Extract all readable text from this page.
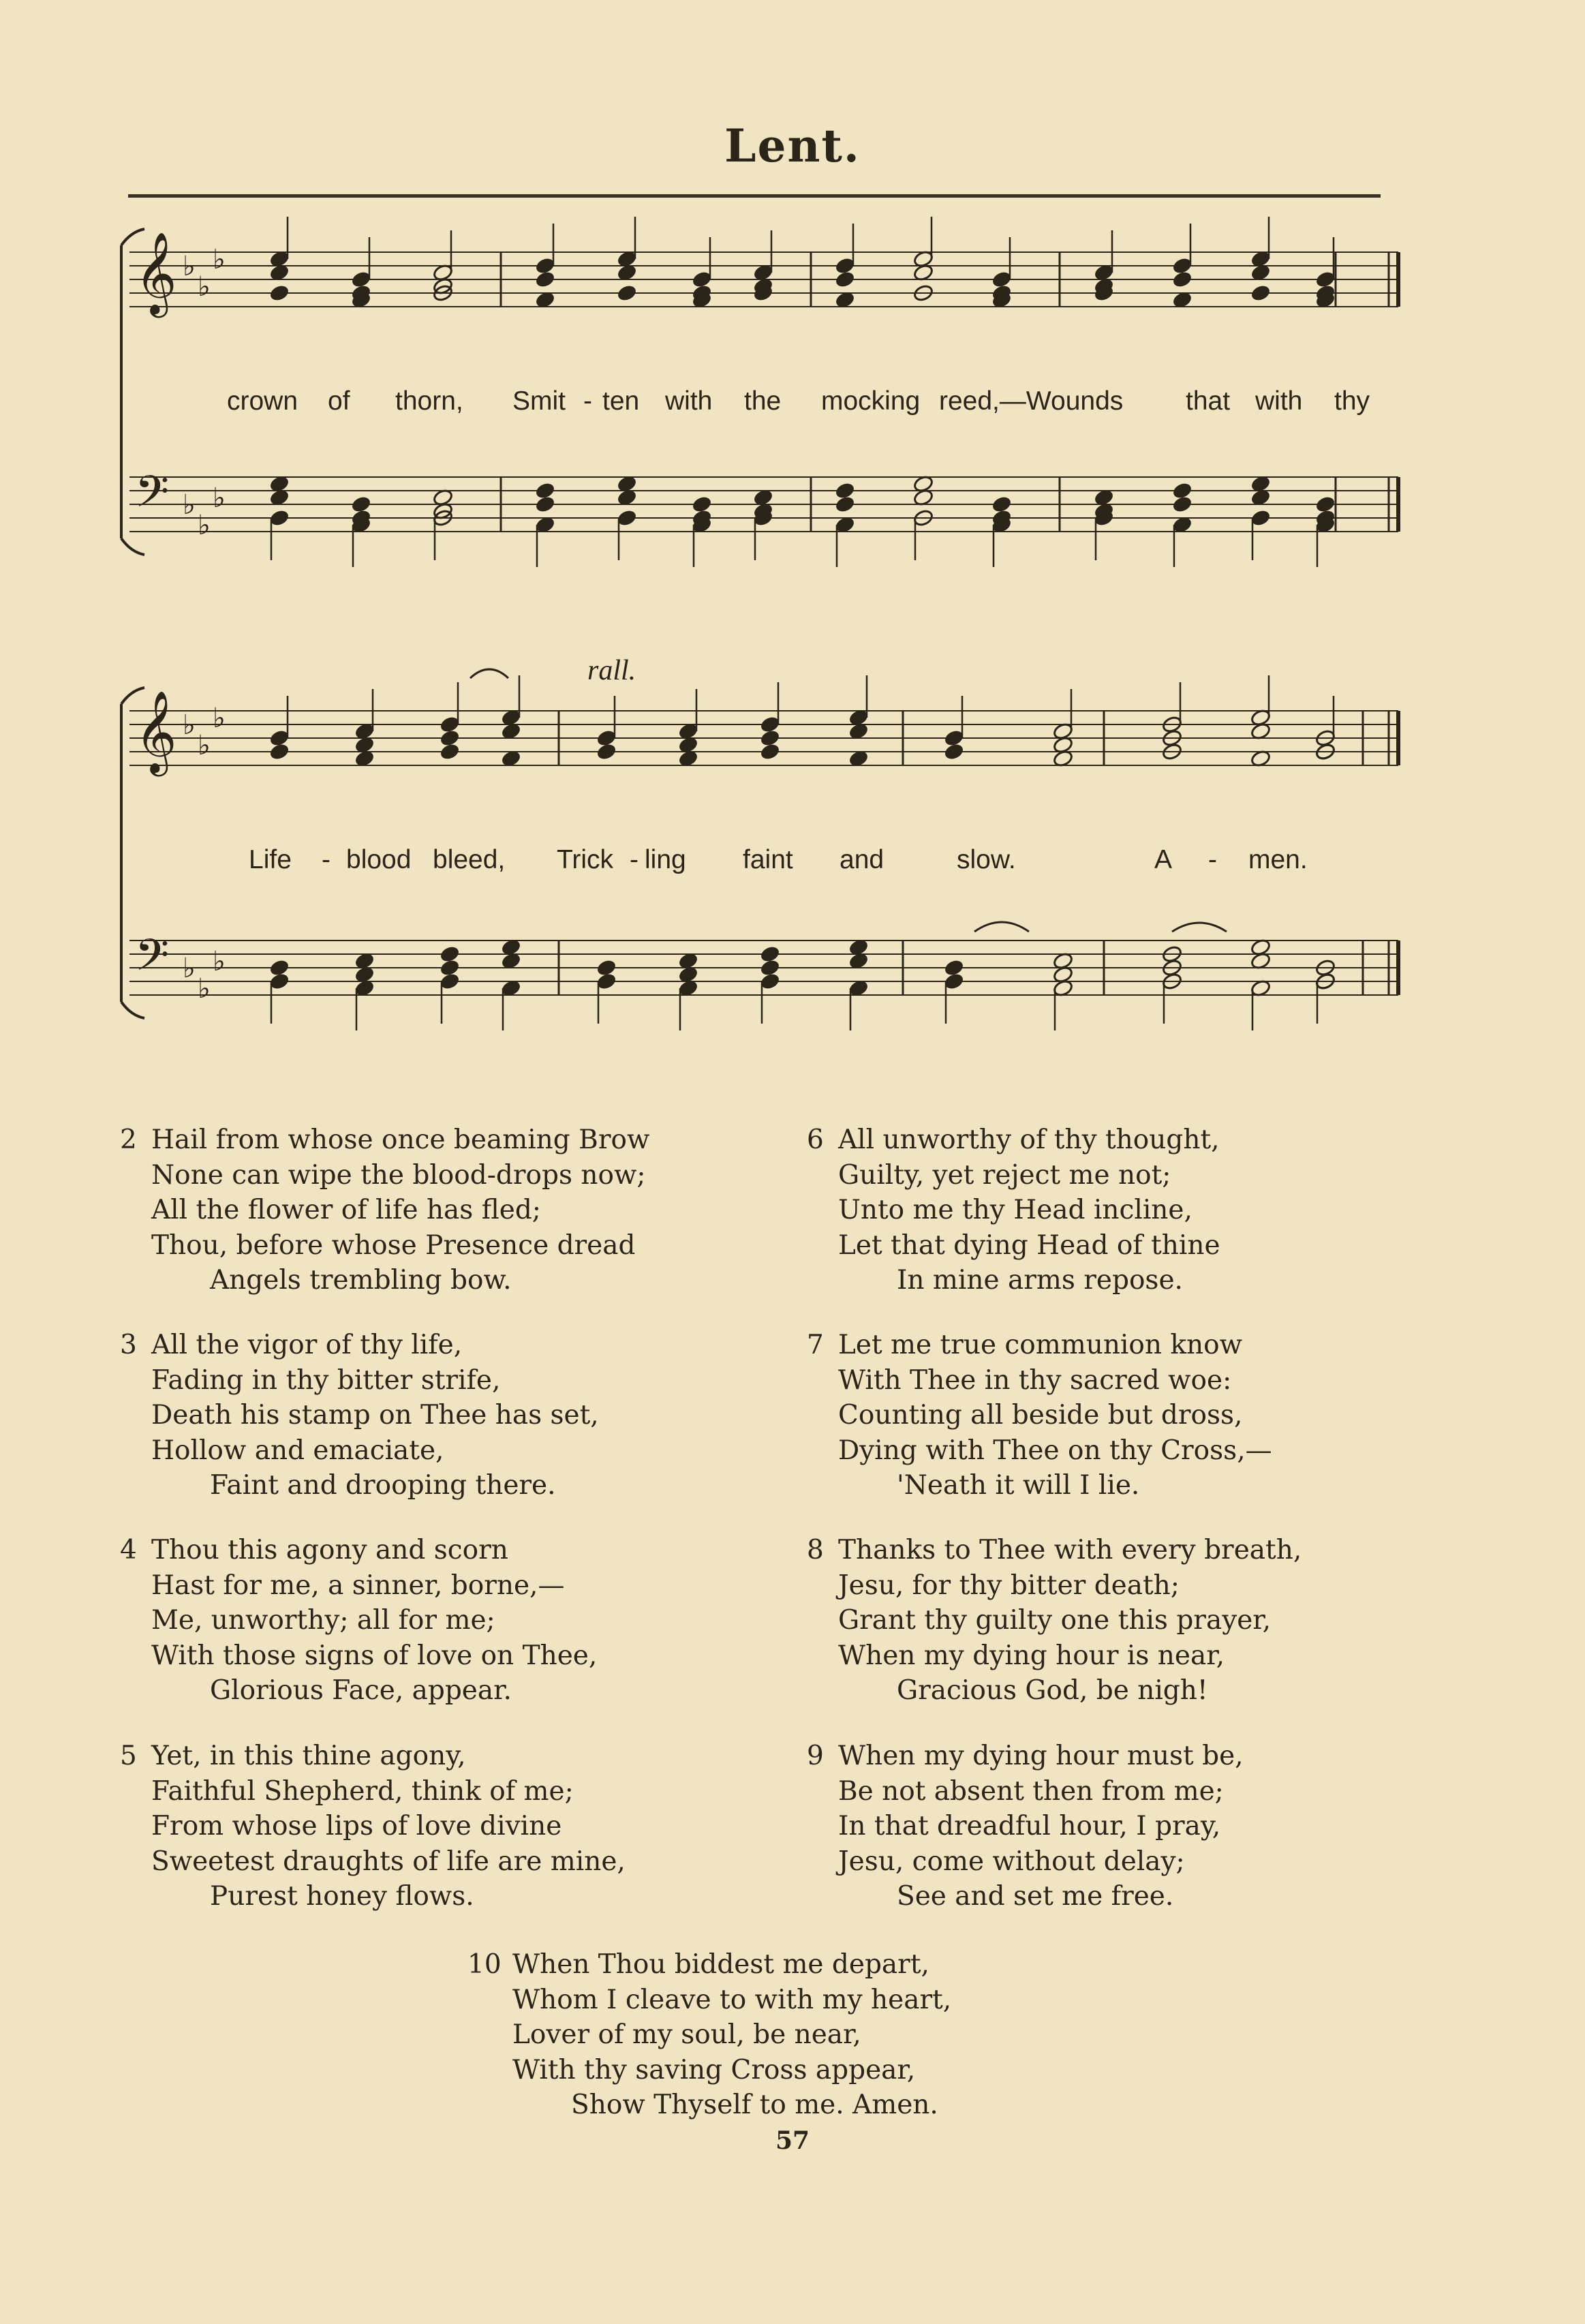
Lent.
𝄞 ♭
♭
♭
𝄢 ♭
♭
♭
𝄞 ♭
♭
♭
𝄢 ♭
♭
♭
crown of thorn, Smit - ten with the mocking reed,—Wounds that with thy
rall.
Life - blood bleed, Trick - ling faint and	slow.	A - men.
2 Hail from whose once beaming Brow
None can wipe the blood-drops now;
All the flower of life has fled;
Thou, before whose Presence dread
Angels trembling bow.
3 All the vigor of thy life,
Fading in thy bitter strife,
Death his stamp on Thee has set,
Hollow and emaciate,
Faint and drooping there.
4 Thou this agony and scorn
Hast for me, a sinner, borne,—
Me, unworthy; all for me;
With those signs of love on Thee,
Glorious Face, appear.
5 Yet, in this thine agony,
Faithful Shepherd, think of me;
From whose lips of love divine
Sweetest draughts of life are mine,
Purest honey flows.
6 All unworthy of thy thought,
Guilty, yet reject me not;
Unto me thy Head incline,
Let that dying Head of thine
In mine arms repose.
7 Let me true communion know
With Thee in thy sacred woe:
Counting all beside but dross,
Dying with Thee on thy Cross,—
'Neath it will I lie.
8 Thanks to Thee with every breath,
Jesu, for thy bitter death;
Grant thy guilty one this prayer,
When my dying hour is near,
Gracious God, be nigh!
9 When my dying hour must be,
Be not absent then from me;
In that dreadful hour, I pray,
Jesu, come without delay;
See and set me free.
10 When Thou biddest me depart,
Whom I cleave to with my heart,
Lover of my soul, be near,
With thy saving Cross appear,
Show Thyself to me. Amen.
57
